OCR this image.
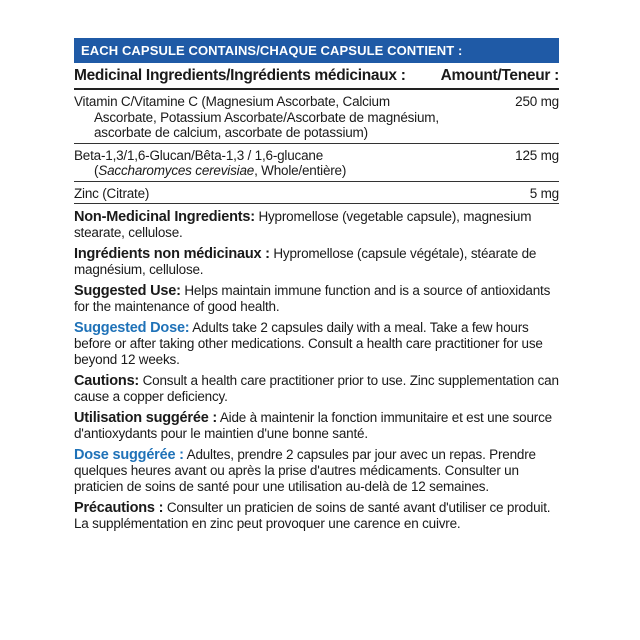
EACH CAPSULE CONTAINS/CHAQUE CAPSULE CONTIENT :
Medicinal Ingredients/Ingrédients médicinaux : Amount/Teneur :
Vitamin C/Vitamine C (Magnesium Ascorbate, Calcium
Ascorbate, Potassium Ascorbate/Ascorbate de magnésium,
ascorbate de calcium, ascorbate de potassium)
250 mg
Beta-1,3/1,6-Glucan/Bêta-1,3 / 1,6-glucane
(Saccharomyces cerevisiae, Whole/entière)
125 mg
Zinc (Citrate)	5 mg
Non-Medicinal Ingredients: Hypromellose (vegetable capsule), magnesium stearate, cellulose.
Ingrédients non médicinaux : Hypromellose (capsule végétale), stéarate de magnésium, cellulose.
Suggested Use: Helps maintain immune function and is a source of antioxidants for the maintenance of good health.
Suggested Dose: Adults take 2 capsules daily with a meal. Take a few hours before or after taking other medications. Consult a health care practitioner for use beyond 12 weeks.
Cautions: Consult a health care practitioner prior to use. Zinc supplementation can cause a copper deficiency.
Utilisation suggérée : Aide à maintenir la fonction immunitaire et est une source d'antioxydants pour le maintien d'une bonne santé.
Dose suggérée : Adultes, prendre 2 capsules par jour avec un repas. Prendre quelques heures avant ou après la prise d'autres médicaments. Consulter un praticien de soins de santé pour une utilisation au-delà de 12 semaines.
Précautions : Consulter un praticien de soins de santé avant d'utiliser ce produit. La supplémentation en zinc peut provoquer une carence en cuivre.
